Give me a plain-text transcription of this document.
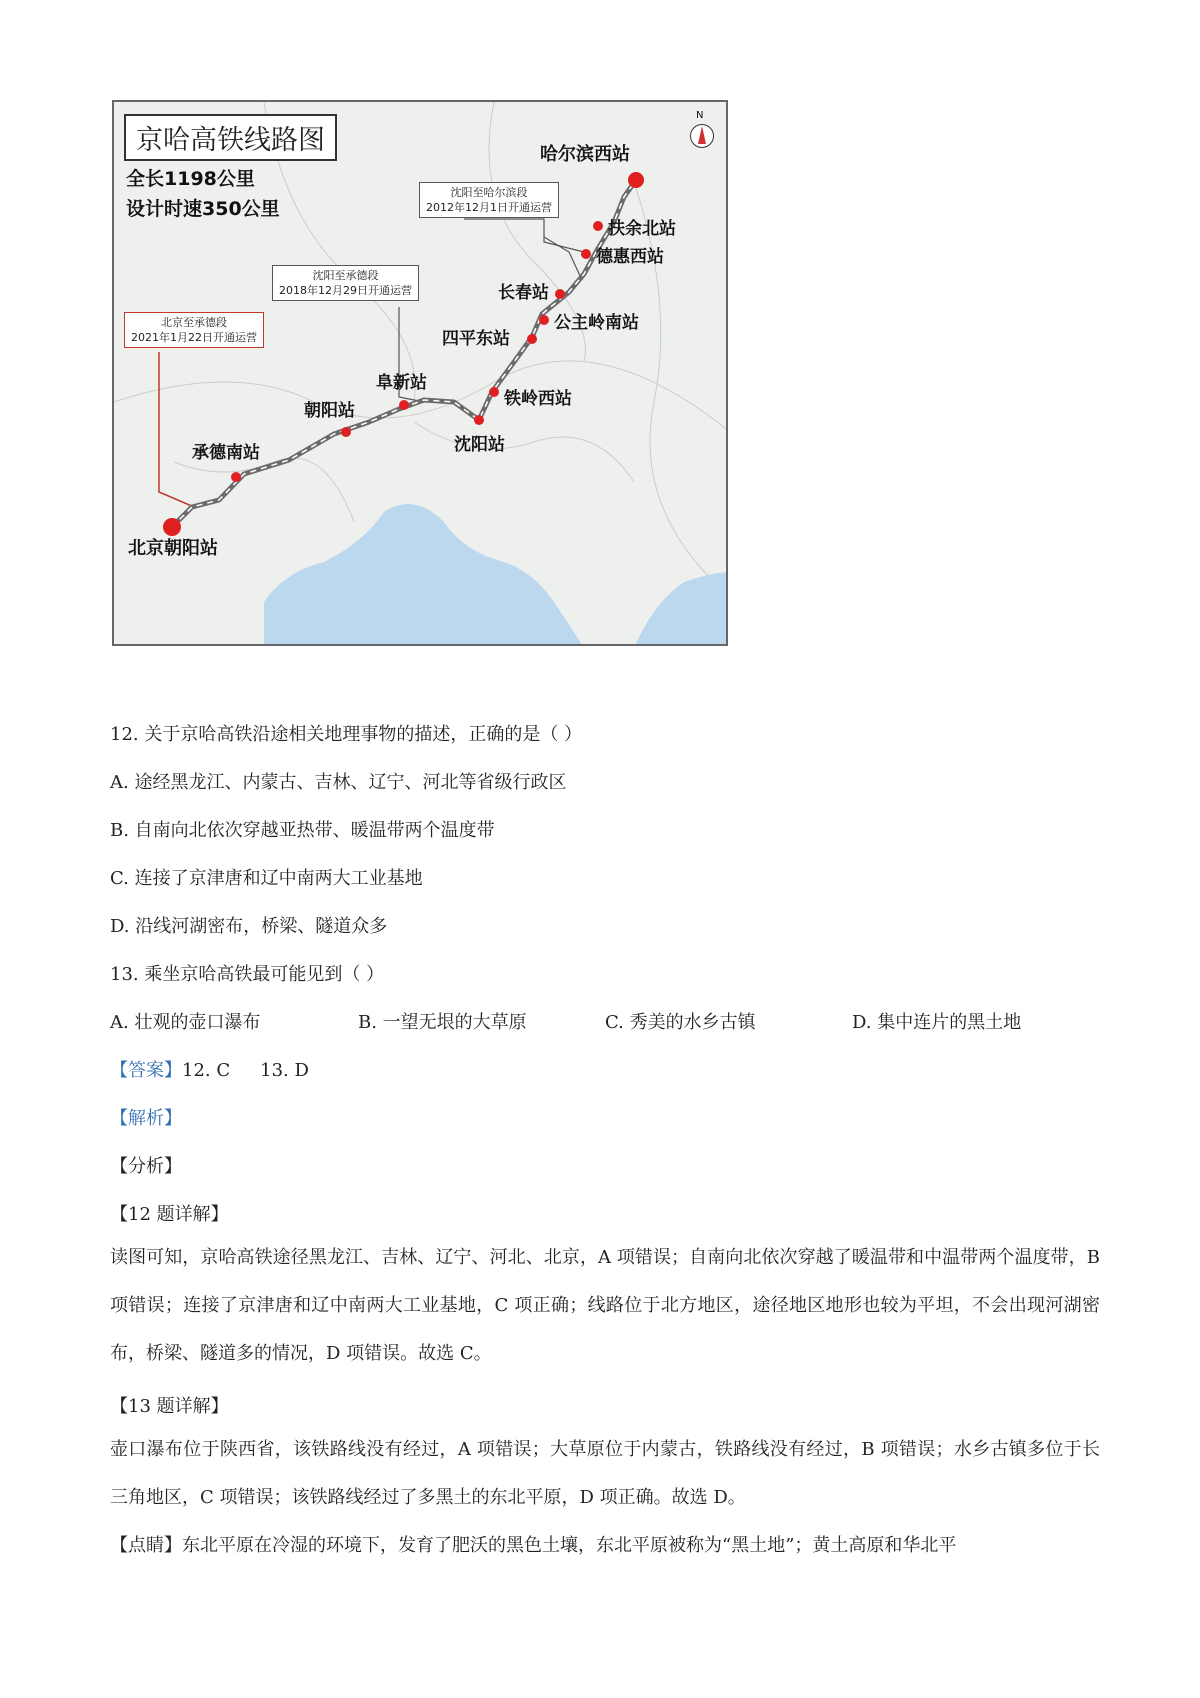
京哈高铁线路图
全长1198公里
设计时速350公里
N
沈阳至哈尔滨段
2012年12月1日开通运营
沈阳至承德段
2018年12月29日开通运营
北京至承德段
2021年1月22日开通运营
哈尔滨西站
扶余北站
德惠西站
长春站
公主岭南站
四平东站
铁岭西站
沈阳站
阜新站
朝阳站
承德南站
北京朝阳站
12. 关于京哈高铁沿途相关地理事物的描述，正确的是（ ）
A. 途经黑龙江、内蒙古、吉林、辽宁、河北等省级行政区
B. 自南向北依次穿越亚热带、暖温带两个温度带
C. 连接了京津唐和辽中南两大工业基地
D. 沿线河湖密布，桥梁、隧道众多
13. 乘坐京哈高铁最可能见到（ ）
A. 壮观的壶口瀑布	B. 一望无垠的大草原	C. 秀美的水乡古镇	D. 集中连片的黑土地
【答案】12. C 13. D
【解析】
【分析】
【12 题详解】
读图可知，京哈高铁途径黑龙江、吉林、辽宁、河北、北京，A 项错误；自南向北依次穿越了暖温带和中温带两个温度带，B 项错误；连接了京津唐和辽中南两大工业基地，C 项正确；线路位于北方地区，途径地区地形也较为平坦，不会出现河湖密布，桥梁、隧道多的情况，D 项错误。故选 C。
【13 题详解】
壶口瀑布位于陕西省，该铁路线没有经过，A 项错误；大草原位于内蒙古，铁路线没有经过，B 项错误；水乡古镇多位于长三角地区，C 项错误；该铁路线经过了多黑土的东北平原，D 项正确。故选 D。
【点睛】东北平原在冷湿的环境下，发育了肥沃的黑色土壤，东北平原被称为“黑土地”；黄土高原和华北平
